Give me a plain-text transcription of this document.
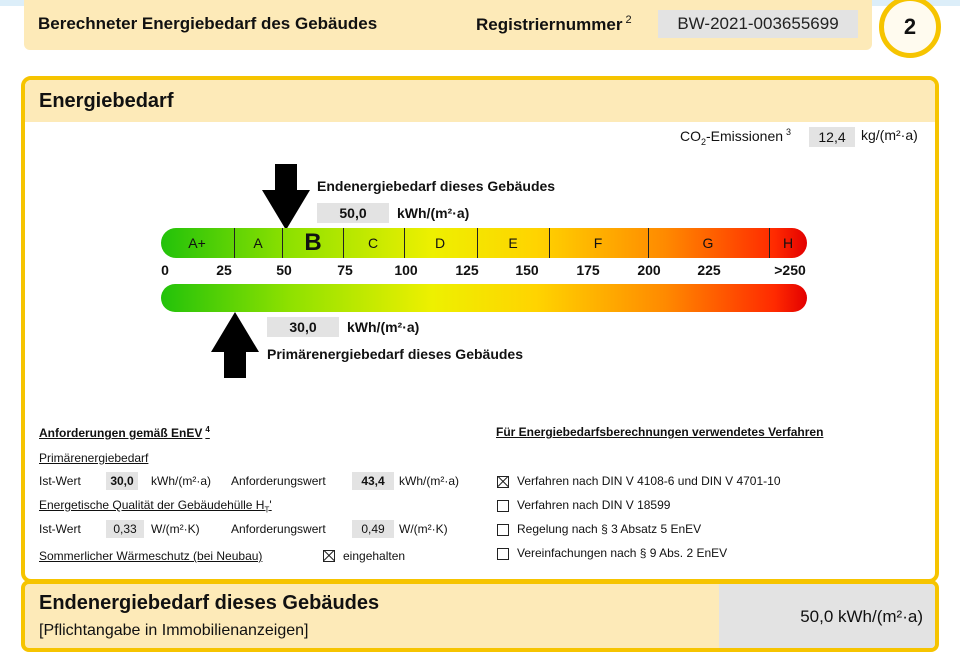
Berechneter Energiebedarf des Gebäudes	Registriernummer $^2$	BW-2021-003655699	2
Energiebedarf
$CO_2$-Emissionen $^3$	12,4	kg/(m²·a)
Endenergiebedarf dieses Gebäudes
50,0	kWh/(m²·a)
A+	A B	C	D	E	F	G	H
0	25	50	75	100	125	150	175	200	225	>250
30,0	kWh/(m²·a)
Primärenergiebedarf dieses Gebäudes
Anforderungen gemäß EnEV $^4$
Primärenergiebedarf
Ist-Wert	30,0	kWh/(m²·a) Anforderungswert	43,4	kWh/(m²·a)
Energetische Qualität der Gebäudehülle $H_T'$
Ist-Wert	0,33	W/(m²·K)	Anforderungswert	0,49	W/(m²·K)
Sommerlicher Wärmeschutz (bei Neubau)	eingehalten
Für Energiebedarfsberechnungen verwendetes Verfahren
Verfahren nach DIN V 4108-6 und DIN V 4701-10
Verfahren nach DIN V 18599
Regelung nach § 3 Absatz 5 EnEV
Vereinfachungen nach § 9 Abs. 2 EnEV
Endenergiebedarf dieses Gebäudes
[Pflichtangabe in Immobilienanzeigen]
50,0 kWh/(m²·a)
